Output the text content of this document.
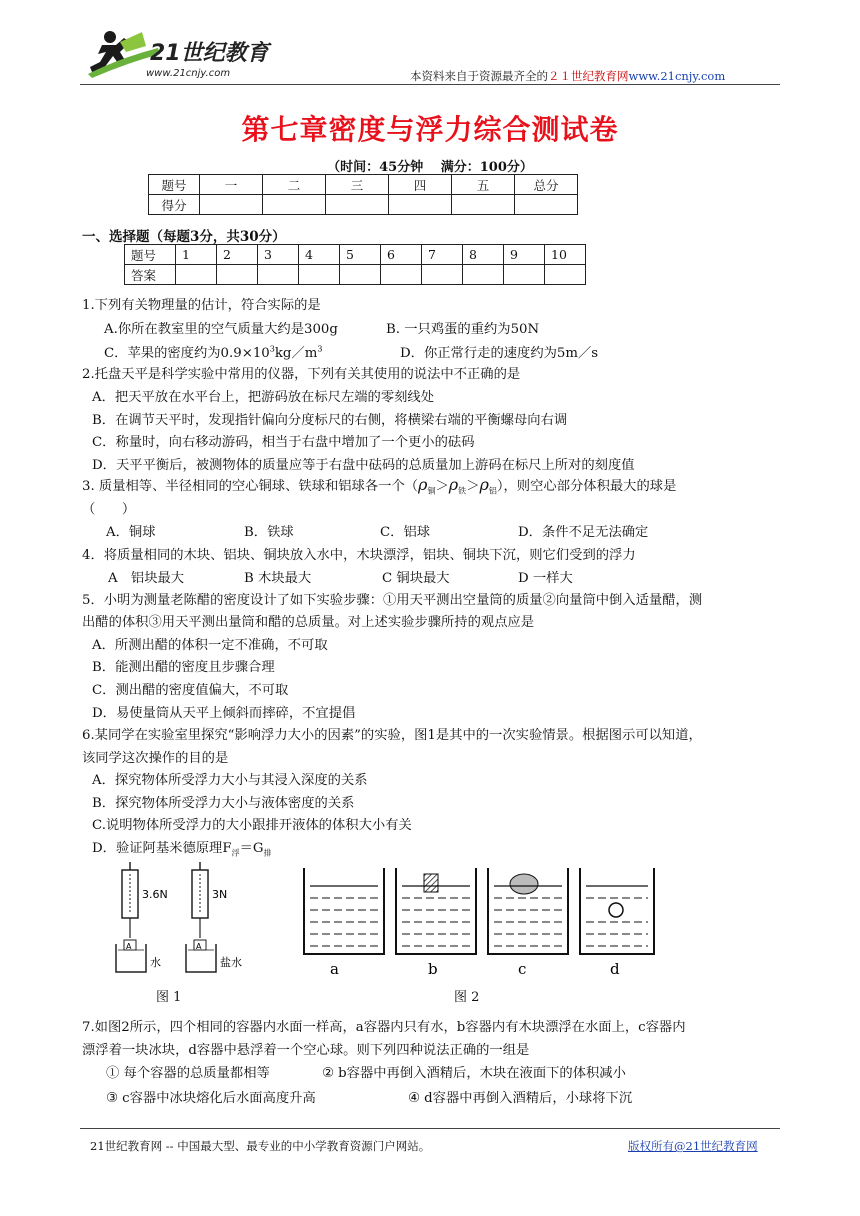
21世纪教育
www.21cnjy.com	本资料来自于资源最齐全的２１世纪教育网www.21cnjy.com
第七章密度与浮力综合测试卷
（时间：45分钟　 满分：100分）
题号	一	二	三	四	五	总分
得分						
一、选择题（每题3分，共30分）
题号	1	2	3	4	5	6	7	8	9	10
答案										
1.下列有关物理量的估计，符合实际的是
A.你所在教室里的空气质量大约是300g	B. 一只鸡蛋的重约为50N
C．苹果的密度约为$0.9\times 10^3kg/m^3$	D．你正常行走的速度约为5m／s
2.托盘天平是科学实验中常用的仪器，下列有关其使用的说法中不正确的是
A．把天平放在水平台上，把游码放在标尺左端的零刻线处
B．在调节天平时，发现指针偏向分度标尺的右侧，将横梁右端的平衡螺母向右调
C．称量时，向右移动游码，相当于右盘中增加了一个更小的砝码
D．天平平衡后，被测物体的质量应等于右盘中砝码的总质量加上游码在标尺上所对的刻度值
3. 质量相等、半径相同的空心铜球、铁球和铝球各一个$(\rho_铜>\rho_铁>\rho_铝)$，则空心部分体积最大的球是
（　　）
A．铜球	B．铁球	C．铝球	D．条件不足无法确定
4．将质量相同的木块、铝块、铜块放入水中，木块漂浮，铝块、铜块下沉，则它们受到的浮力
A　铝块最大	B 木块最大	C 铜块最大	D 一样大
5．小明为测量老陈醋的密度设计了如下实验步骤：①用天平测出空量筒的质量②向量筒中倒入适量醋，测
出醋的体积③用天平测出量筒和醋的总质量。对上述实验步骤所持的观点应是
A．所测出醋的体积一定不准确，不可取
B．能测出醋的密度且步骤合理
C．测出醋的密度值偏大，不可取
D．易使量筒从天平上倾斜而摔碎，不宜提倡
6.某同学在实验室里探究“影响浮力大小的因素”的实验，图1是其中的一次实验情景。根据图示可以知道，
该同学这次操作的目的是
A．探究物体所受浮力大小与其浸入深度的关系
B．探究物体所受浮力大小与液体密度的关系
C.说明物体所受浮力的大小跟排开液体的体积大小有关
D．验证阿基米德原理$F_浮=G_排$
3.6N
A
水
3N
A
盐水
图 1
a	b	c	d
图 2
7.如图2所示，四个相同的容器内水面一样高，a容器内只有水，b容器内有木块漂浮在水面上，c容器内
漂浮着一块冰块，d容器中悬浮着一个空心球。则下列四种说法正确的一组是
① 每个容器的总质量都相等	② b容器中再倒入酒精后，木块在液面下的体积减小
③ c容器中冰块熔化后水面高度升高	④ d容器中再倒入酒精后，小球将下沉
21世纪教育网 -- 中国最大型、最专业的中小学教育资源门户网站。	版权所有@21世纪教育网
